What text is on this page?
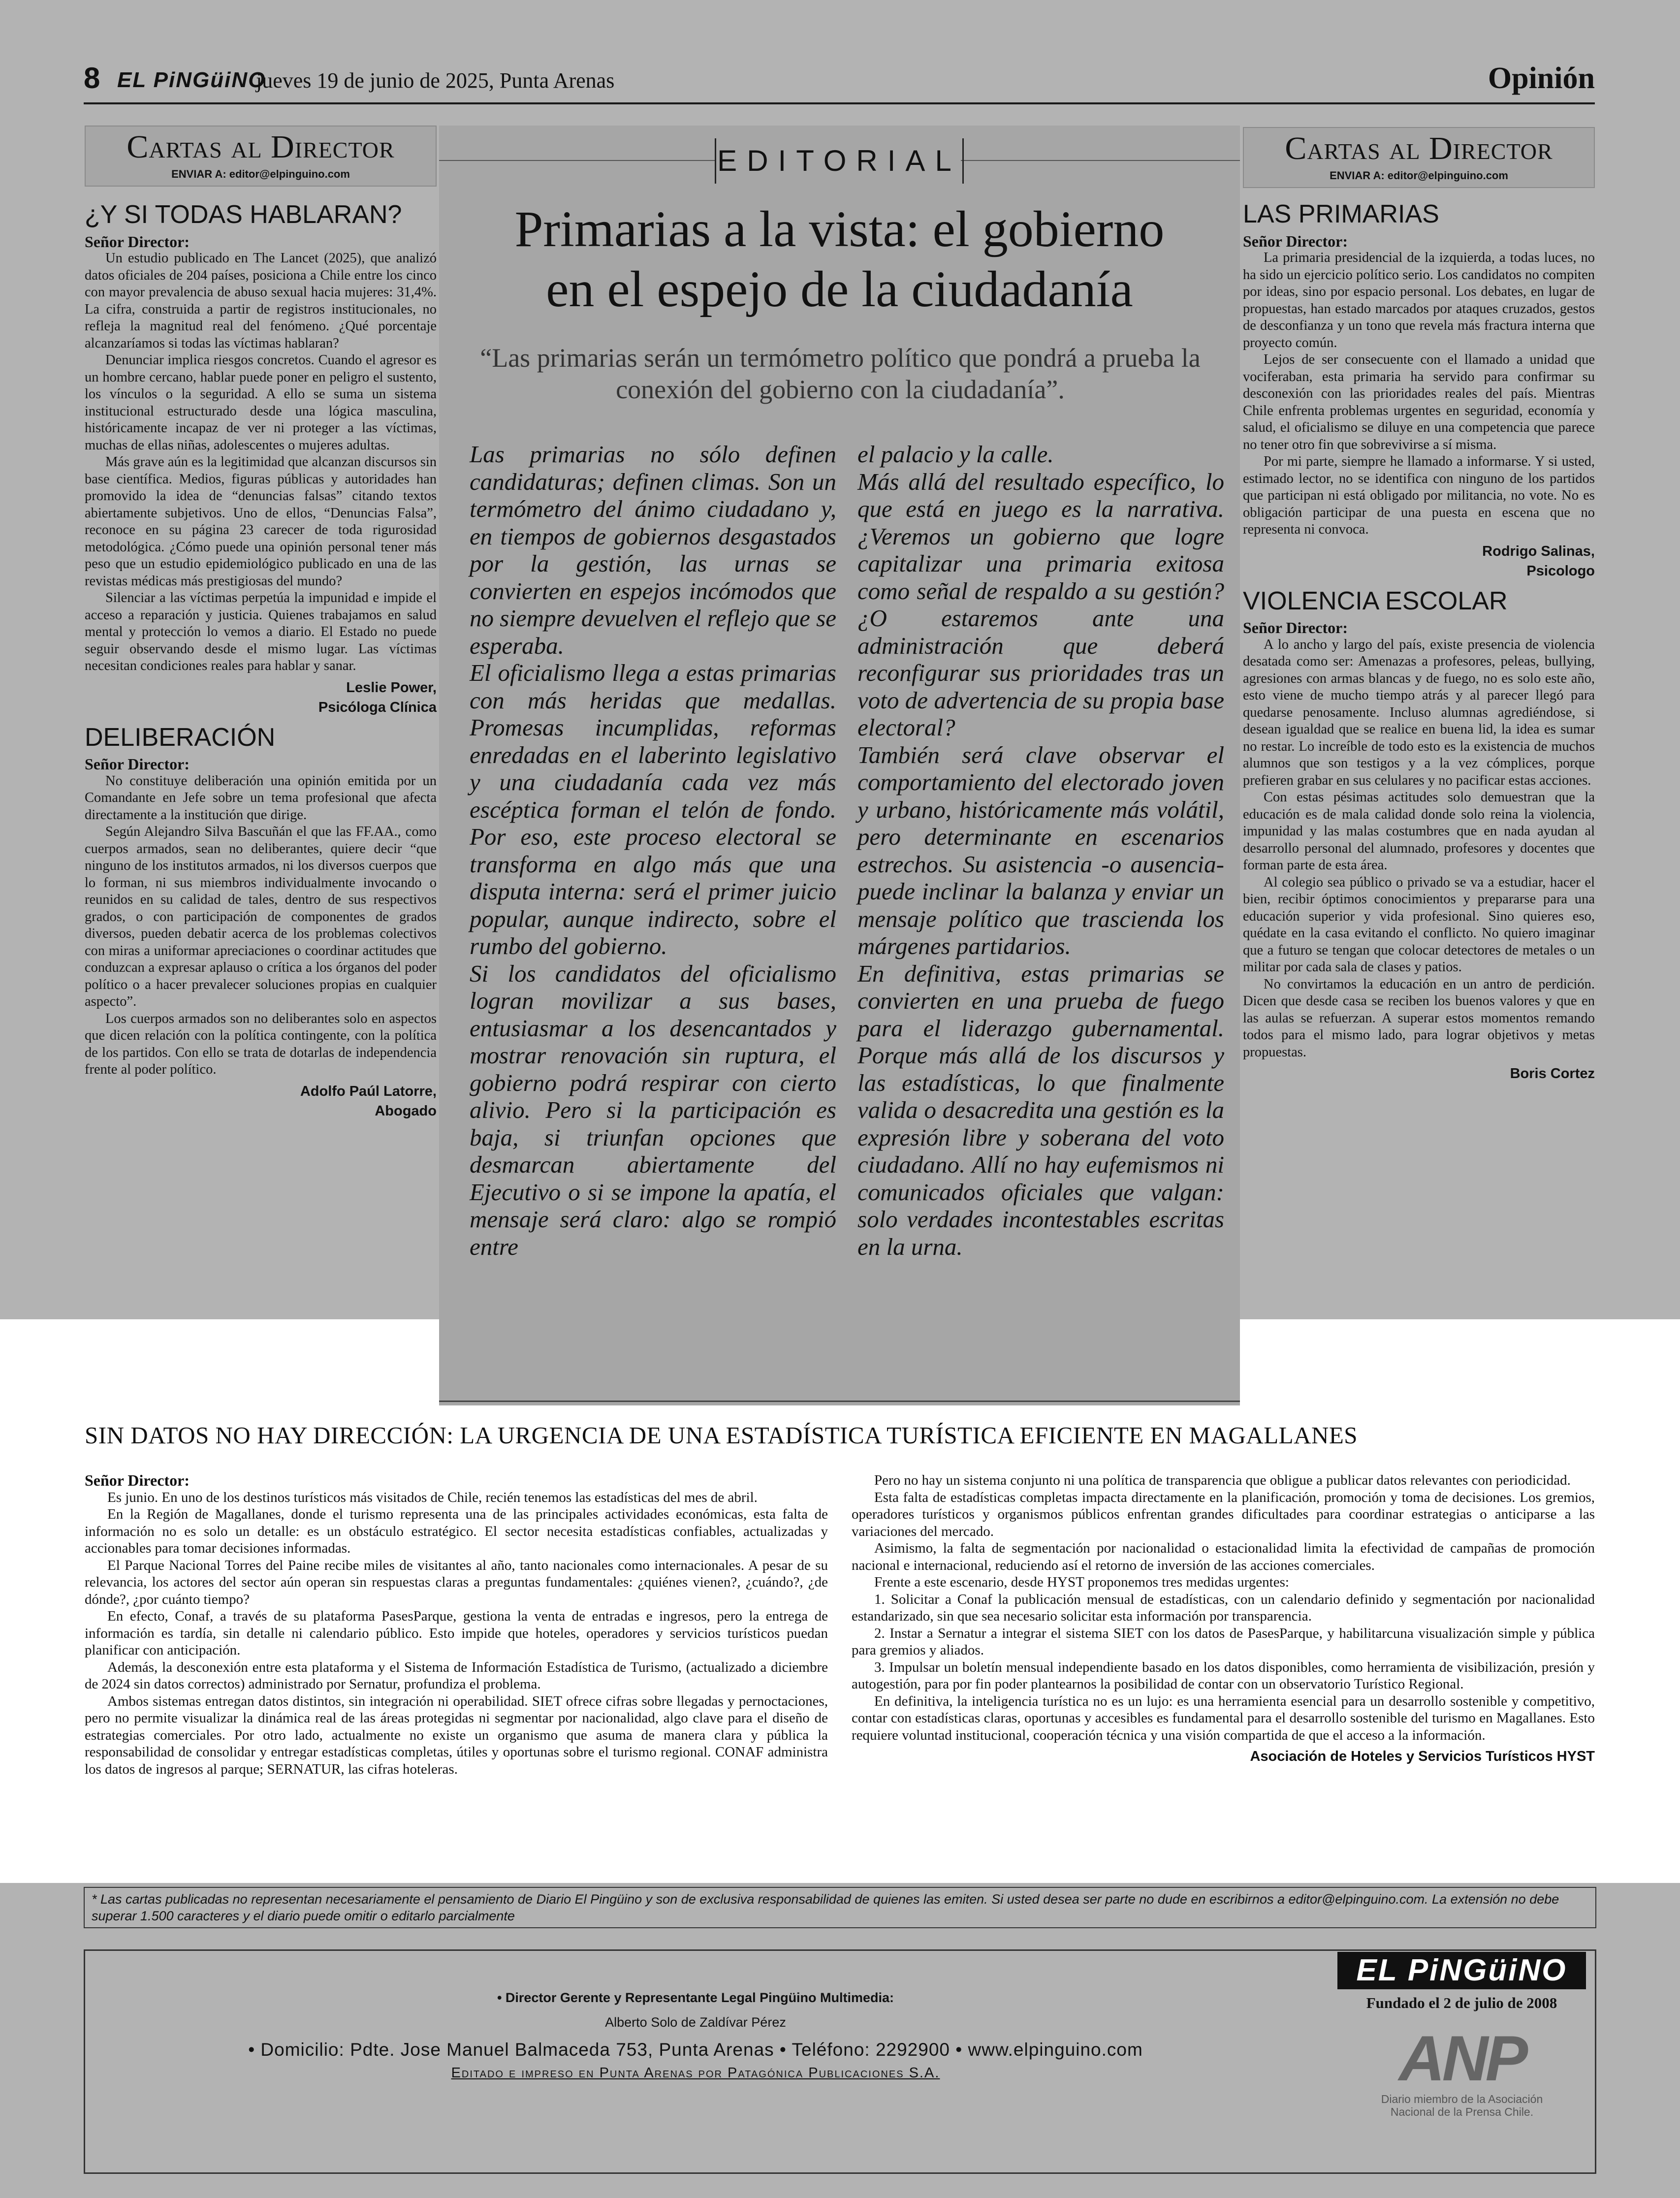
8 EL PiNGüiNO
jueves 19 de junio de 2025, Punta Arenas	Opinión
Cartas al Director
ENVIAR A: editor@elpinguino.com
¿Y SI TODAS HABLARAN?

Señor Director:

Un estudio publicado en The Lancet (2025), que analizó datos oficiales de 204 países, posiciona a Chile entre los cinco con mayor prevalencia de abuso sexual hacia mujeres: 31,4%. La cifra, construida a partir de registros institucionales, no refleja la magnitud real del fenómeno. ¿Qué porcentaje alcanzaríamos si todas las víctimas hablaran?

Denunciar implica riesgos concretos. Cuando el agresor es un hombre cercano, hablar puede poner en peligro el sustento, los vínculos o la seguridad. A ello se suma un sistema institucional estructurado desde una lógica masculina, históricamente incapaz de ver ni proteger a las víctimas, muchas de ellas niñas, adolescentes o mujeres adultas.

Más grave aún es la legitimidad que alcanzan discursos sin base científica. Medios, figuras públicas y autoridades han promovido la idea de “denuncias falsas” citando textos abiertamente subjetivos. Uno de ellos, “Denuncias Falsa”, reconoce en su página 23 carecer de toda rigurosidad metodológica. ¿Cómo puede una opinión personal tener más peso que un estudio epidemiológico publicado en una de las revistas médicas más prestigiosas del mundo?

Silenciar a las víctimas perpetúa la impunidad e impide el acceso a reparación y justicia. Quienes trabajamos en salud mental y protección lo vemos a diario. El Estado no puede seguir observando desde el mismo lugar. Las víctimas necesitan condiciones reales para hablar y sanar.

Leslie Power,
Psicóloga Clínica

DELIBERACIÓN

Señor Director:

No constituye deliberación una opinión emitida por un Comandante en Jefe sobre un tema profesional que afecta directamente a la institución que dirige.

Según Alejandro Silva Bascuñán el que las FF.AA., como cuerpos armados, sean no deliberantes, quiere decir “que ninguno de los institutos armados, ni los diversos cuerpos que lo forman, ni sus miembros individualmente invocando o reunidos en su calidad de tales, dentro de sus respectivos grados, o con participación de componentes de grados diversos, pueden debatir acerca de los problemas colectivos con miras a uniformar apreciaciones o coordinar actitudes que conduzcan a expresar aplauso o crítica a los órganos del poder político o a hacer prevalecer soluciones propias en cualquier aspecto”.

Los cuerpos armados son no deliberantes solo en aspectos que dicen relación con la política contingente, con la política de los partidos. Con ello se trata de dotarlas de independencia frente al poder político.

Adolfo Paúl Latorre,
Abogado

EDITORIAL
Primarias a la vista: el gobierno
en el espejo de la ciudadanía
“Las primarias serán un termómetro político que pondrá a prueba la conexión del gobierno con la ciudadanía”.

Las primarias no sólo definen candidaturas; definen climas. Son un termómetro del ánimo ciudadano y, en tiempos de gobiernos desgastados por la gestión, las urnas se convierten en espejos incómodos que no siempre devuelven el reflejo que se esperaba.

El oficialismo llega a estas primarias con más heridas que medallas. Promesas incumplidas, reformas enredadas en el laberinto legislativo y una ciudadanía cada vez más escéptica forman el telón de fondo. Por eso, este proceso electoral se transforma en algo más que una disputa interna: será el primer juicio popular, aunque indirecto, sobre el rumbo del gobierno.

Si los candidatos del oficialismo logran movilizar a sus bases, entusiasmar a los desencantados y mostrar renovación sin ruptura, el gobierno podrá respirar con cierto alivio. Pero si la participación es baja, si triunfan opciones que desmarcan abiertamente del Ejecutivo o si se impone la apatía, el mensaje será claro: algo se rompió entre

el palacio y la calle.

Más allá del resultado específico, lo que está en juego es la narrativa. ¿Veremos un gobierno que logre capitalizar una primaria exitosa como señal de respaldo a su gestión? ¿O estaremos ante una administración que deberá reconfigurar sus prioridades tras un voto de advertencia de su propia base electoral?

También será clave observar el comportamiento del electorado joven y urbano, históricamente más volátil, pero determinante en escenarios estrechos. Su asistencia -o ausencia- puede inclinar la balanza y enviar un mensaje político que trascienda los márgenes partidarios.

En definitiva, estas primarias se convierten en una prueba de fuego para el liderazgo gubernamental. Porque más allá de los discursos y las estadísticas, lo que finalmente valida o desacredita una gestión es la expresión libre y soberana del voto ciudadano. Allí no hay eufemismos ni comunicados oficiales que valgan: solo verdades incontestables escritas en la urna.

Cartas al Director
ENVIAR A: editor@elpinguino.com
LAS PRIMARIAS

Señor Director:

La primaria presidencial de la izquierda, a todas luces, no ha sido un ejercicio político serio. Los candidatos no compiten por ideas, sino por espacio personal. Los debates, en lugar de propuestas, han estado marcados por ataques cruzados, gestos de desconfianza y un tono que revela más fractura interna que proyecto común.

Lejos de ser consecuente con el llamado a unidad que vociferaban, esta primaria ha servido para confirmar su desconexión con las prioridades reales del país. Mientras Chile enfrenta problemas urgentes en seguridad, economía y salud, el oficialismo se diluye en una competencia que parece no tener otro fin que sobrevivirse a sí misma.

Por mi parte, siempre he llamado a informarse. Y si usted, estimado lector, no se identifica con ninguno de los partidos que participan ni está obligado por militancia, no vote. No es obligación participar de una puesta en escena que no representa ni convoca.

Rodrigo Salinas,
Psicologo

VIOLENCIA ESCOLAR

Señor Director:

A lo ancho y largo del país, existe presencia de violencia desatada como ser: Amenazas a profesores, peleas, bullying, agresiones con armas blancas y de fuego, no es solo este año, esto viene de mucho tiempo atrás y al parecer llegó para quedarse penosamente. Incluso alumnas agrediéndose, si desean igualdad que se realice en buena lid, la idea es sumar no restar. Lo increíble de todo esto es la existencia de muchos alumnos que son testigos y a la vez cómplices, porque prefieren grabar en sus celulares y no pacificar estas acciones.

Con estas pésimas actitudes solo demuestran que la educación es de mala calidad donde solo reina la violencia, impunidad y las malas costumbres que en nada ayudan al desarrollo personal del alumnado, profesores y docentes que forman parte de esta área.

Al colegio sea público o privado se va a estudiar, hacer el bien, recibir óptimos conocimientos y prepararse para una educación superior y vida profesional. Sino quieres eso, quédate en la casa evitando el conflicto. No quiero imaginar que a futuro se tengan que colocar detectores de metales o un militar por cada sala de clases y patios.

No convirtamos la educación en un antro de perdición. Dicen que desde casa se reciben los buenos valores y que en las aulas se refuerzan. A superar estos momentos remando todos para el mismo lado, para lograr objetivos y metas propuestas.

Boris Cortez

SIN DATOS NO HAY DIRECCIÓN: LA URGENCIA DE UNA ESTADÍSTICA TURÍSTICA EFICIENTE EN MAGALLANES

Señor Director:

Es junio. En uno de los destinos turísticos más visitados de Chile, recién tenemos las estadísticas del mes de abril.

En la Región de Magallanes, donde el turismo representa una de las principales actividades económicas, esta falta de información no es solo un detalle: es un obstáculo estratégico. El sector necesita estadísticas confiables, actualizadas y accionables para tomar decisiones informadas.

El Parque Nacional Torres del Paine recibe miles de visitantes al año, tanto nacionales como internacionales. A pesar de su relevancia, los actores del sector aún operan sin respuestas claras a preguntas fundamentales: ¿quiénes vienen?, ¿cuándo?, ¿de dónde?, ¿por cuánto tiempo?

En efecto, Conaf, a través de su plataforma PasesParque, gestiona la venta de entradas e ingresos, pero la entrega de información es tardía, sin detalle ni calendario público. Esto impide que hoteles, operadores y servicios turísticos puedan planificar con anticipación.

Además, la desconexión entre esta plataforma y el Sistema de Información Estadística de Turismo, (actualizado a diciembre de 2024 sin datos correctos) administrado por Sernatur, profundiza el problema.

Ambos sistemas entregan datos distintos, sin integración ni operabilidad. SIET ofrece cifras sobre llegadas y pernoctaciones, pero no permite visualizar la dinámica real de las áreas protegidas ni segmentar por nacionalidad, algo clave para el diseño de estrategias comerciales. Por otro lado, actualmente no existe un organismo que asuma de manera clara y pública la responsabilidad de consolidar y entregar estadísticas completas, útiles y oportunas sobre el turismo regional. CONAF administra los datos de ingresos al parque; SERNATUR, las cifras hoteleras.

Pero no hay un sistema conjunto ni una política de transparencia que obligue a publicar datos relevantes con periodicidad.

Esta falta de estadísticas completas impacta directamente en la planificación, promoción y toma de decisiones. Los gremios, operadores turísticos y organismos públicos enfrentan grandes dificultades para coordinar estrategias o anticiparse a las variaciones del mercado.

Asimismo, la falta de segmentación por nacionalidad o estacionalidad limita la efectividad de campañas de promoción nacional e internacional, reduciendo así el retorno de inversión de las acciones comerciales.

Frente a este escenario, desde HYST proponemos tres medidas urgentes:

1. Solicitar a Conaf la publicación mensual de estadísticas, con un calendario definido y segmentación por nacionalidad estandarizado, sin que sea necesario solicitar esta información por transparencia.

2. Instar a Sernatur a integrar el sistema SIET con los datos de PasesParque, y habilitarcuna visualización simple y pública para gremios y aliados.

3. Impulsar un boletín mensual independiente basado en los datos disponibles, como herramienta de visibilización, presión y autogestión, para por fin poder plantearnos la posibilidad de contar con un observatorio Turístico Regional.

En definitiva, la inteligencia turística no es un lujo: es una herramienta esencial para un desarrollo sostenible y competitivo, contar con estadísticas claras, oportunas y accesibles es fundamental para el desarrollo sostenible del turismo en Magallanes. Esto requiere voluntad institucional, cooperación técnica y una visión compartida de que el acceso a la información.

Asociación de Hoteles y Servicios Turísticos HYST

* Las cartas publicadas no representan necesariamente el pensamiento de Diario El Pingüino y son de exclusiva responsabilidad de quienes las emiten. Si usted desea ser parte no dude en escribirnos a editor@elpinguino.com. La extensión no debe superar 1.500 caracteres y el diario puede omitir o editarlo parcialmente
• Director Gerente y Representante Legal Pingüino Multimedia:
Alberto Solo de Zaldívar Pérez
• Domicilio: Pdte. Jose Manuel Balmaceda 753, Punta Arenas • Teléfono: 2292900 • www.elpinguino.com
Editado e impreso en Punta Arenas por Patagónica Publicaciones S.A.
EL PiNGüiNO
Fundado el 2 de julio de 2008
ANP
Diario miembro de la Asociación
Nacional de la Prensa Chile.
